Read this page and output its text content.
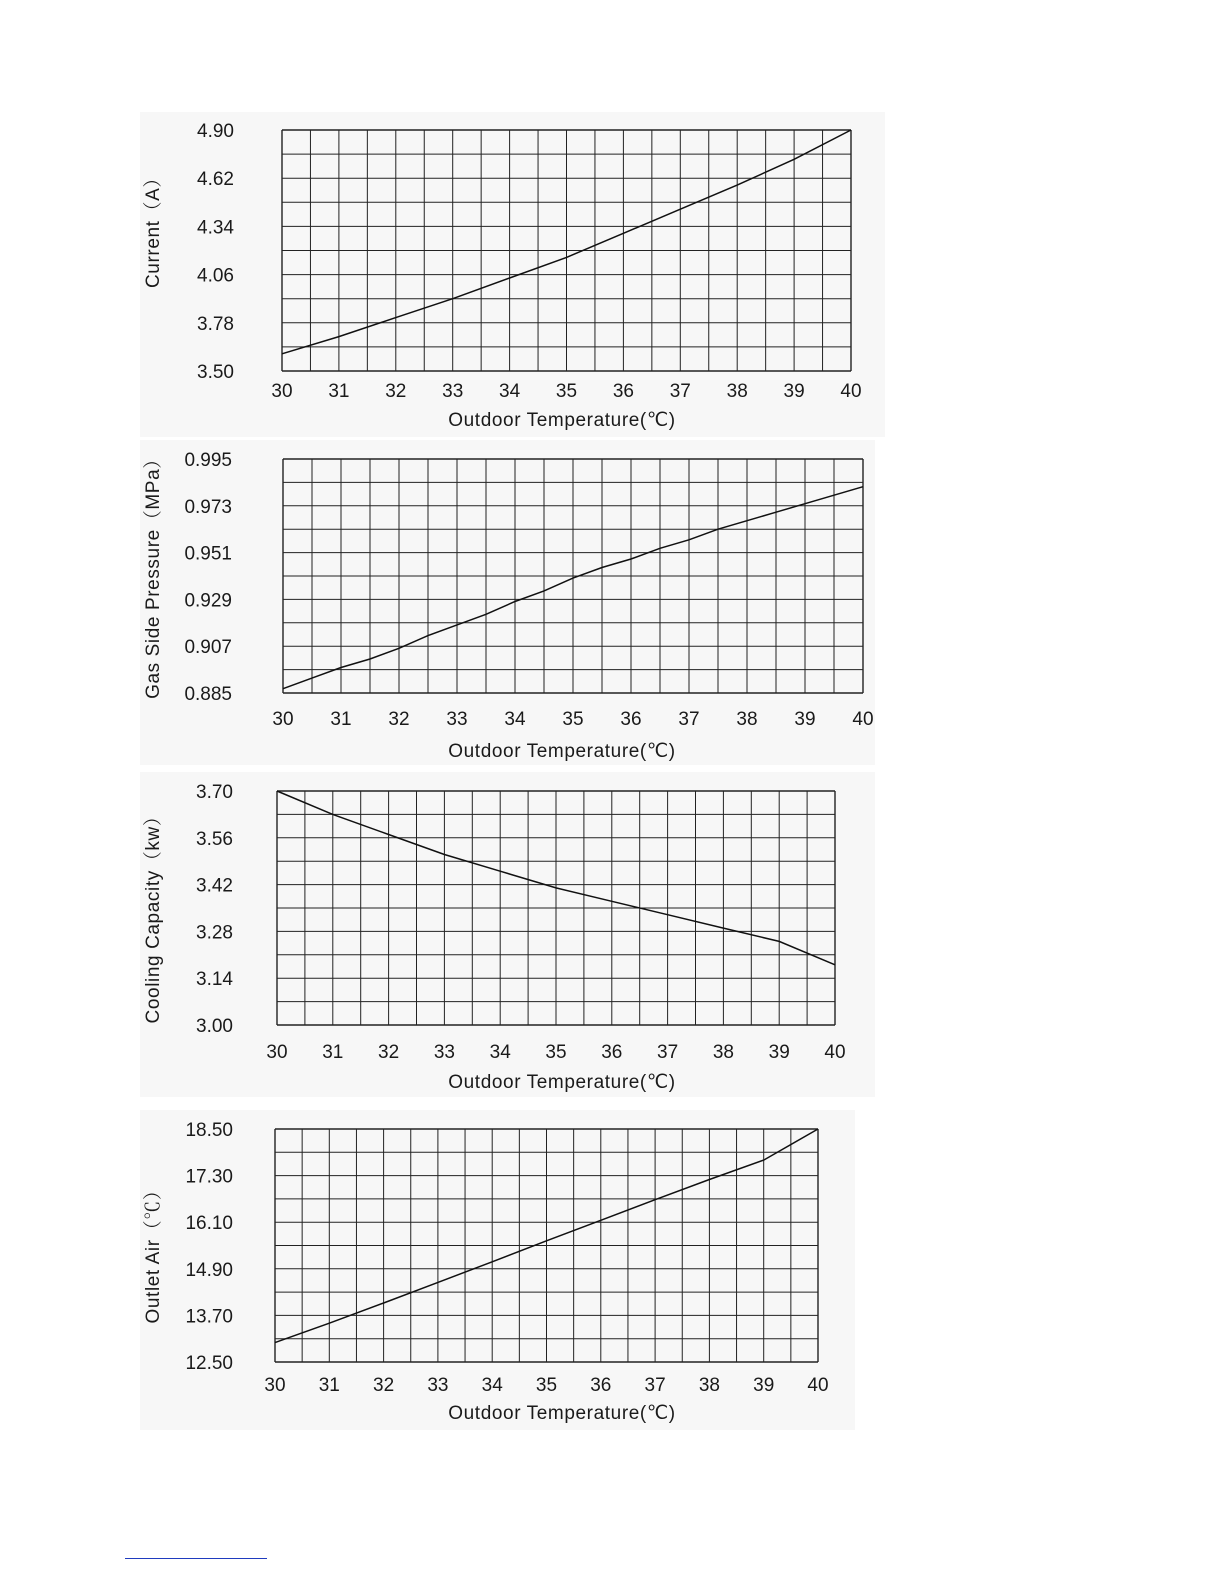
3.50
3.78
4.06
4.34
4.62
4.90
30 31 32 33 34 35 36 37 38 39 40
Outdoor Temperature(℃)
Current（A）
0.885
0.907
0.929
0.951
0.973
0.995
30 31 32 33 34 35 36 37 38 39 40
Outdoor Temperature(℃)
Gas Side Pressure（MPa）
3.00
3.14
3.28
3.42
3.56
3.70
30 31 32 33 34 35 36 37 38 39 40
Outdoor Temperature(℃)
Cooling Capacity（kw）
12.50
13.70
14.90
16.10
17.30
18.50
30 31 32 33 34 35 36 37 38 39 40
Outdoor Temperature(℃)
Outlet Air（℃）
